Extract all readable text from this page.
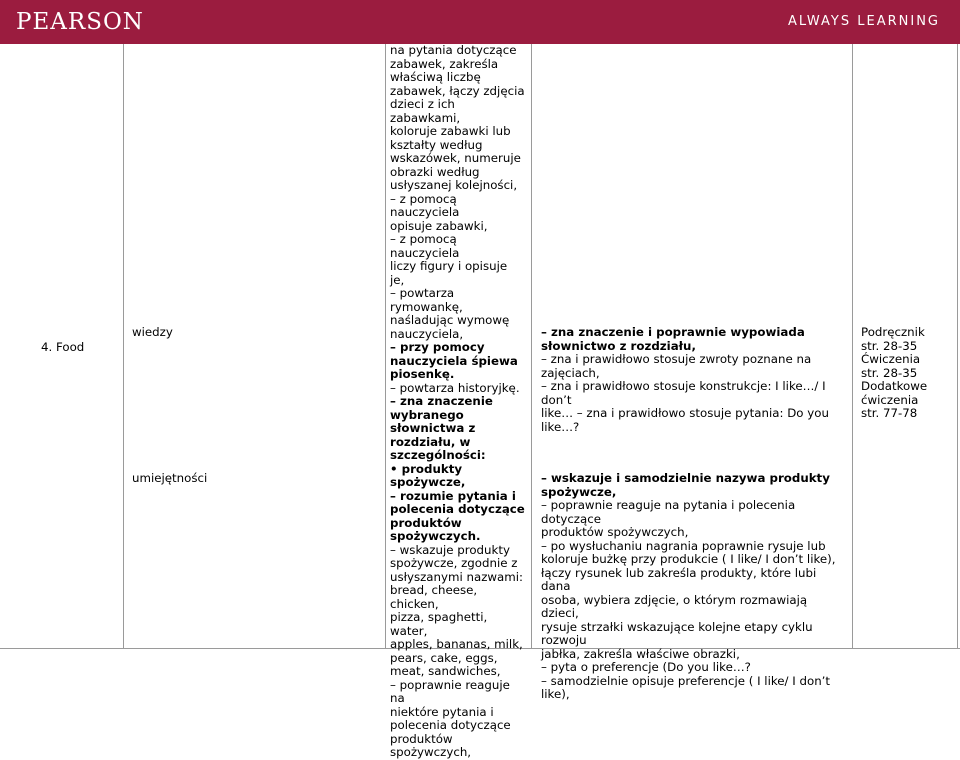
PEARSON	ALWAYS LEARNING
4. Food
wiedzy
umiejętności

na pytania dotyczące

zabawek, zakreśla

właściwą liczbę

zabawek, łączy zdjęcia

dzieci z ich zabawkami,

koloruje zabawki lub

kształty według

wskazówek, numeruje

obrazki według

usłyszanej kolejności,

– z pomocą nauczyciela

opisuje zabawki,

– z pomocą nauczyciela

liczy figury i opisuje je,

– powtarza rymowankę,

naśladując wymowę

nauczyciela,

– przy pomocy

nauczyciela śpiewa

piosenkę.

– powtarza historyjkę.

– zna znaczenie

wybranego

słownictwa z

rozdziału, w

szczególności:

• produkty

spożywcze,

– rozumie pytania i

polecenia dotyczące

produktów

spożywczych.

– wskazuje produkty

spożywcze, zgodnie z

usłyszanymi nazwami:

bread, cheese, chicken,

pizza, spaghetti, water,

apples, bananas, milk,

pears, cake, eggs,

meat, sandwiches,

– poprawnie reaguje na

niektóre pytania i

polecenia dotyczące

produktów

spożywczych,

– zna znaczenie i poprawnie wypowiada

słownictwo z rozdziału,

– zna i prawidłowo stosuje zwroty poznane na

zajęciach,

– zna i prawidłowo stosuje konstrukcje: I like…/ I don’t

like… – zna i prawidłowo stosuje pytania: Do you

like…?

– wskazuje i samodzielnie nazywa produkty

spożywcze,

– poprawnie reaguje na pytania i polecenia dotyczące

produktów spożywczych,

– po wysłuchaniu nagrania poprawnie rysuje lub

koloruje bużkę przy produkcie ( I like/ I don’t like),

łączy rysunek lub zakreśla produkty, które lubi dana

osoba, wybiera zdjęcie, o którym rozmawiają dzieci,

rysuje strzałki wskazujące kolejne etapy cyklu rozwoju

jabłka, zakreśla właściwe obrazki,

– pyta o preferencje (Do you like…?

– samodzielnie opisuje preferencje ( I like/ I don’t

like),

Podręcznik

str. 28-35

Ćwiczenia

str. 28-35

Dodatkowe

ćwiczenia

str. 77-78
